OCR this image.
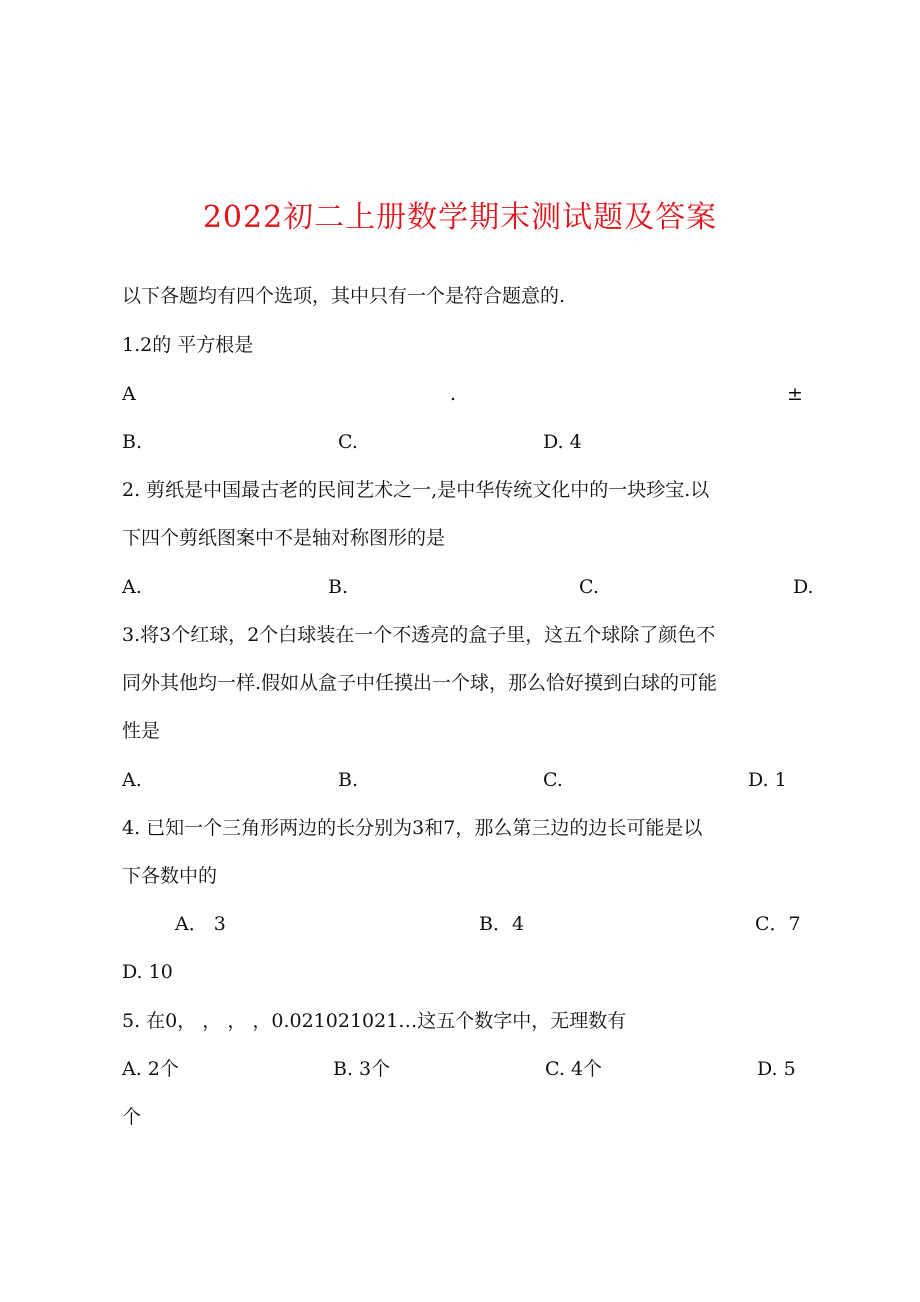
2022初二上册数学期末测试题及答案
以下各题均有四个选项，其中只有一个是符合题意的.
1.2的 平方根是
A	.	±
B.	C.	D. 4
2. 剪纸是中国最古老的民间艺术之一,是中华传统文化中的一块珍宝.以
下四个剪纸图案中不是轴对称图形的是
A.	B.	C.	D.
3.将3个红球，2个白球装在一个不透亮的盒子里，这五个球除了颜色不
同外其他均一样.假如从盒子中任摸出一个球，那么恰好摸到白球的可能
性是
A.	B.	C.	D. 1
4. 已知一个三角形两边的长分别为3和7，那么第三边的边长可能是以
下各数中的
A． 3	B．4	C．7
D. 10
5. 在0， ， ， ，0.021021021…这五个数字中，无理数有
A. 2个	B. 3个	C. 4个	D. 5
个
